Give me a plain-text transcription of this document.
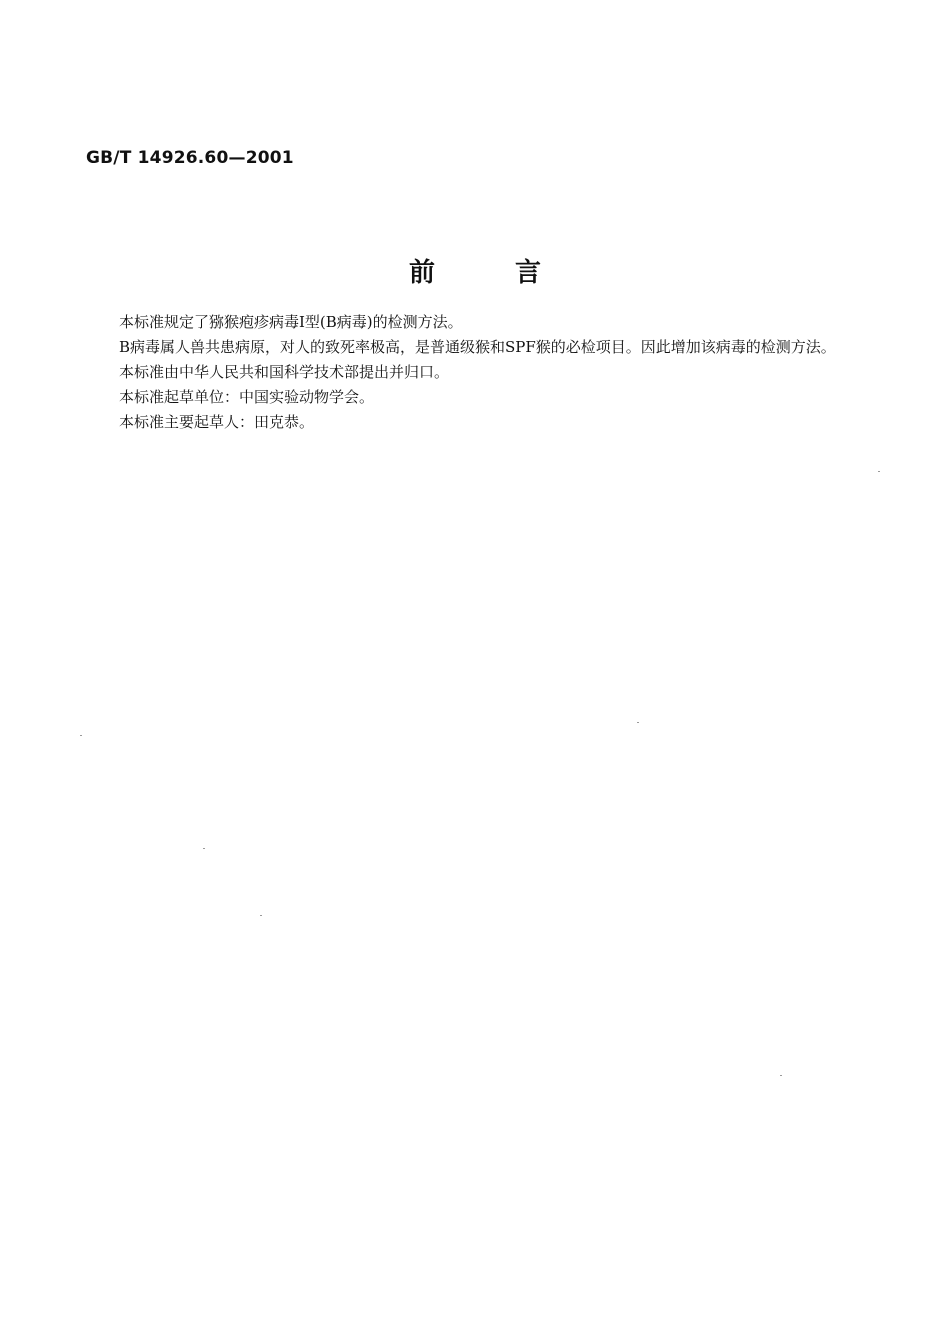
GB/T 14926.60—2001
前	言

本标准规定了猕猴疱疹病毒Ⅰ型(B病毒)的检测方法。

B病毒属人兽共患病原，对人的致死率极高，是普通级猴和SPF猴的必检项目。因此增加该病毒的检测方法。

本标准由中华人民共和国科学技术部提出并归口。

本标准起草单位：中国实验动物学会。

本标准主要起草人：田克恭。
